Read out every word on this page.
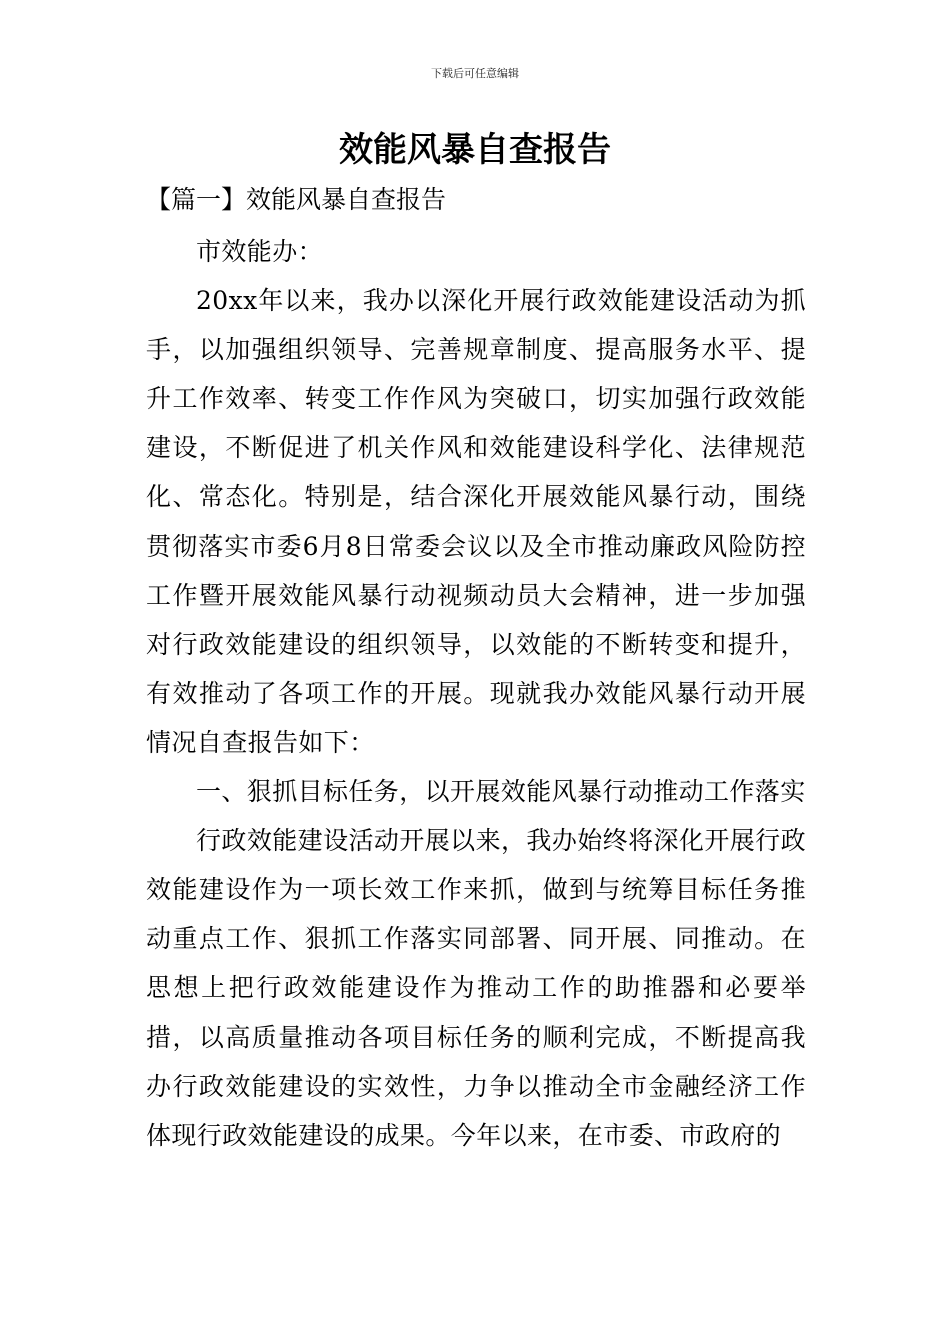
下载后可任意编辑
效能风暴自查报告
【篇一】效能风暴自查报告

市效能办：

20xx年以来，我办以深化开展行政效能建设活动为抓手，以加强组织领导、完善规章制度、提高服务水平、提升工作效率、转变工作作风为突破口，切实加强行政效能建设，不断促进了机关作风和效能建设科学化、法律规范化、常态化。特别是，结合深化开展效能风暴行动，围绕贯彻落实市委6月8日常委会议以及全市推动廉政风险防控工作暨开展效能风暴行动视频动员大会精神，进一步加强对行政效能建设的组织领导，以效能的不断转变和提升，有效推动了各项工作的开展。现就我办效能风暴行动开展情况自查报告如下：

一、狠抓目标任务，以开展效能风暴行动推动工作落实

行政效能建设活动开展以来，我办始终将深化开展行政效能建设作为一项长效工作来抓，做到与统筹目标任务推动重点工作、狠抓工作落实同部署、同开展、同推动。在思想上把行政效能建设作为推动工作的助推器和必要举措，以高质量推动各项目标任务的顺利完成，不断提高我办行政效能建设的实效性，力争以推动全市金融经济工作体现行政效能建设的成果。今年以来，在市委、市政府的
